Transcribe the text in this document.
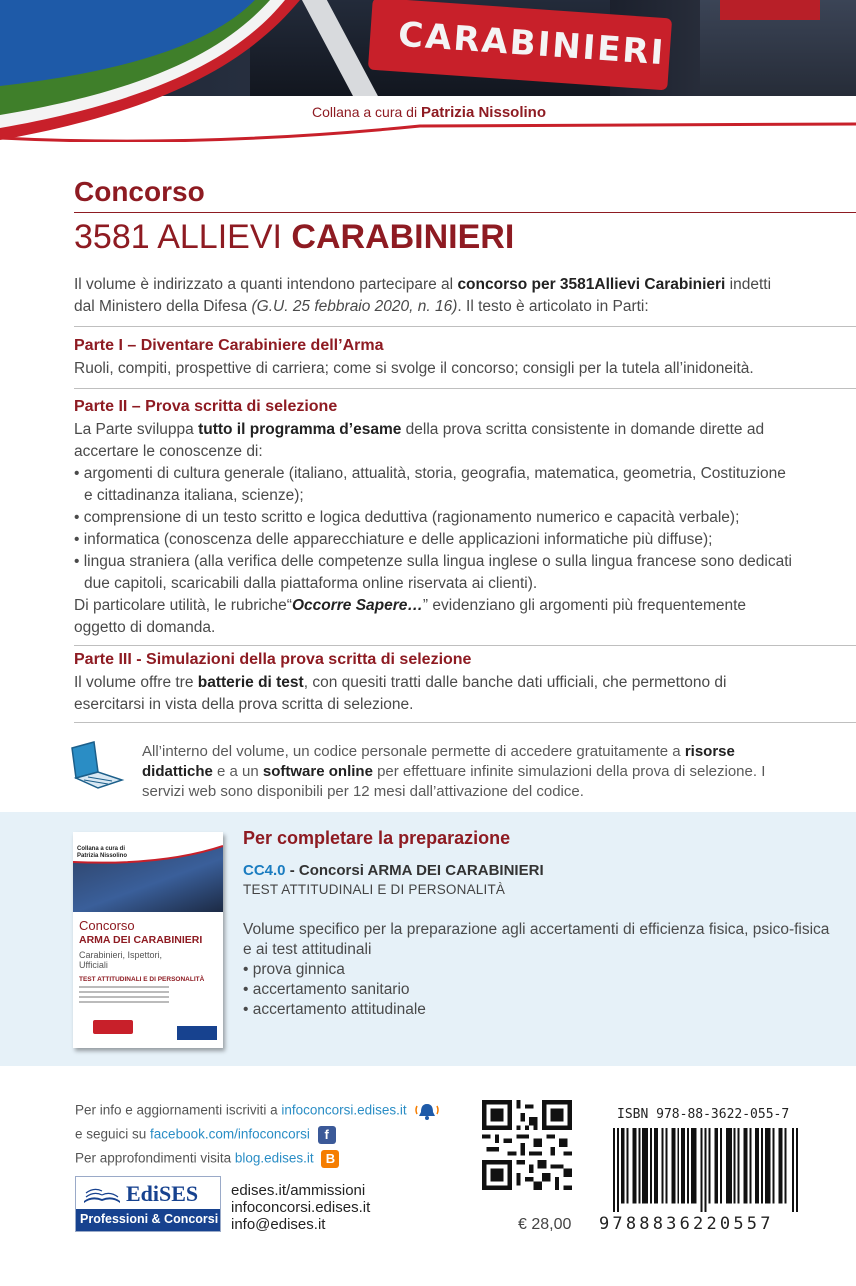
CARABINIERI
Collana a cura di Patrizia Nissolino
Concorso
3581 ALLIEVI CARABINIERI
Il volume è indirizzato a quanti intendono partecipare al concorso per 3581Allievi Carabinieri indetti dal Ministero della Difesa (G.U. 25 febbraio 2020, n. 16). Il testo è articolato in Parti:
Parte I – Diventare Carabiniere dell’Arma
Ruoli, compiti, prospettive di carriera; come si svolge il concorso; consigli per la tutela all’inidoneità.
Parte II – Prova scritta di selezione
La Parte sviluppa tutto il programma d’esame della prova scritta consistente in domande dirette ad accertare le conoscenze di:
• argomenti di cultura generale (italiano, attualità, storia, geografia, matematica, geometria, Costituzione e cittadinanza italiana, scienze);
• comprensione di un testo scritto e logica deduttiva (ragionamento numerico e capacità verbale);
• informatica (conoscenza delle apparecchiature e delle applicazioni informatiche più diffuse);
• lingua straniera (alla verifica delle competenze sulla lingua inglese o sulla lingua francese sono dedicati due capitoli, scaricabili dalla piattaforma online riservata ai clienti).
Di particolare utilità, le rubriche“Occorre Sapere…” evidenziano gli argomenti più frequentemente oggetto di domanda.
Parte III - Simulazioni della prova scritta di selezione
Il volume offre tre batterie di test, con quesiti tratti dalle banche dati ufficiali, che permettono di esercitarsi in vista della prova scritta di selezione.
All’interno del volume, un codice personale permette di accedere gratuitamente a risorse didattiche e a un software online per effettuare infinite simulazioni della prova di selezione. I servizi web sono disponibili per 12 mesi dall’attivazione del codice.
Collana a cura di
Patrizia Nissolino
Concorso
ARMA DEI CARABINIERI
Carabinieri, Ispettori,
Ufficiali
TEST ATTITUDINALI E DI PERSONALITÀ
Per completare la preparazione
CC4.0 - Concorsi ARMA DEI CARABINIERI
TEST ATTITUDINALI E DI PERSONALITÀ
Volume specifico per la preparazione agli accertamenti di efficienza fisica, psico-fisica e ai test attitudinali
• prova ginnica
• accertamento sanitario
• accertamento attitudinale
Per info e aggiornamenti iscriviti a infoconcorsi.edises.it
e seguici su facebook.com/infoconcorsi f
Per approfondimenti visita blog.edises.it B
EdiSES
Professioni & Concorsi
edises.it/ammissioni
infoconcorsi.edises.it
info@edises.it	€ 28,00
ISBN 978-88-3622-055-7
9788836220557
